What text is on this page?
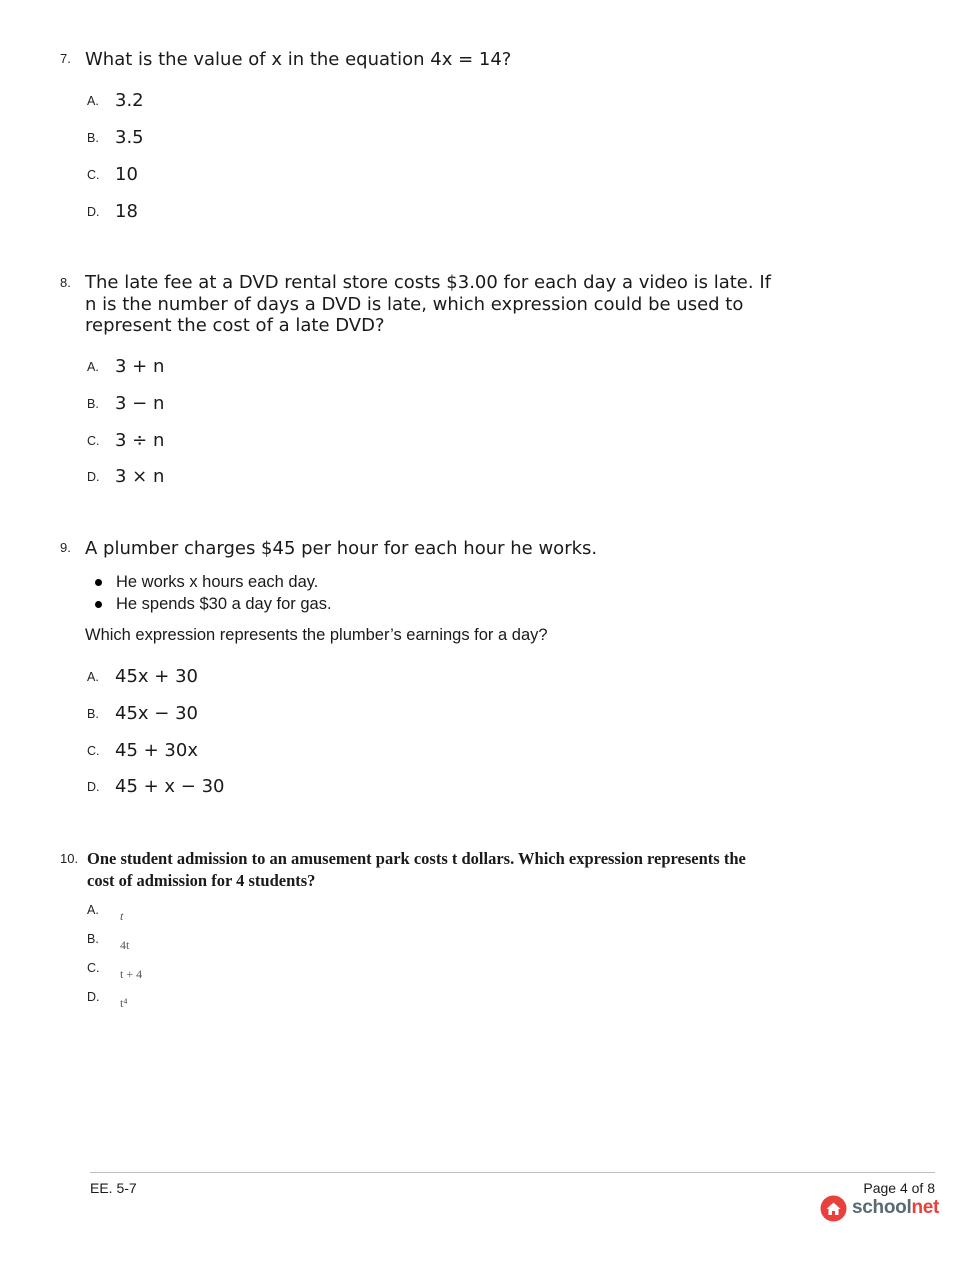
7. What is the value of x in the equation 4x = 14?
A. 3.2
B. 3.5
C. 10
D. 18
8. The late fee at a DVD rental store costs $3.00 for each day a video is late. If n is the number of days a DVD is late, which expression could be used to represent the cost of a late DVD?
A. 3 + n
B. 3 − n
C. 3 ÷ n
D. 3 × n
9. A plumber charges $45 per hour for each hour he works.
He works x hours each day.
He spends $30 a day for gas.
Which expression represents the plumber’s earnings for a day?
A. 45x + 30
B. 45x − 30
C. 45 + 30x
D. 45 + x − 30
10. One student admission to an amusement park costs t dollars. Which expression represents the cost of admission for 4 students?
A. t
B. 4t
C. t + 4
D. t⁴
EE. 5-7	Page 4 of 8
schoolnet
